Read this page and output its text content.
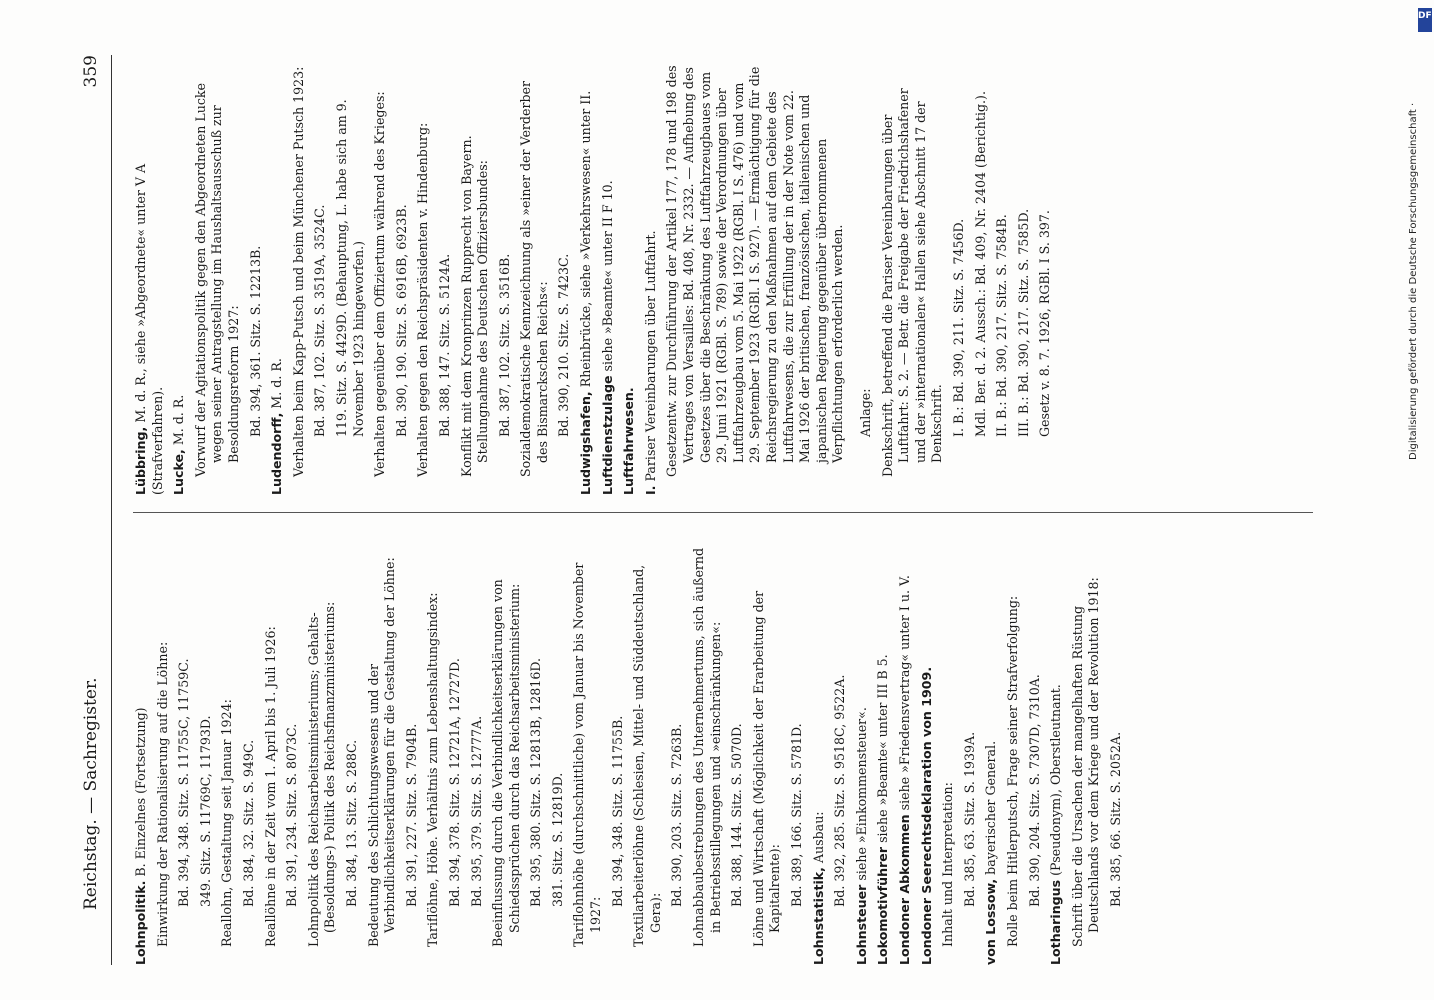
Reichstag. — Sachregister.
359
Lohnpolitik. B. Einzelnes (Fortsetzung) Einwirkung der Rationalisierung auf die Löhne: Bd. 394, 348. Sitz. S. 11755C, 11759C. 349. Sitz. S. 11769C, 11793D. Reallohn, Gestaltung seit Januar 1924: Bd. 384, 32. Sitz. S. 949C. Reallöhne in der Zeit vom 1. April bis 1. Juli 1926: Bd. 391, 234. Sitz. S. 8073C. Lohnpolitik des Reichsarbeitsministeriums; Gehalts- (Besoldungs-) Politik des Reichsfinanzministeriums: Bd. 384, 13. Sitz. S. 288C. Bedeutung des Schlichtungswesens und der Verbindlichkeitserklärungen für die Gestaltung der Löhne: Bd. 391, 227. Sitz. S. 7904B. Tariflöhne, Höhe. Verhältnis zum Lebenshaltungsindex: Bd. 394, 378. Sitz. S. 12721A, 12727D. Bd. 395, 379. Sitz. S. 12777A. Beeinflussung durch die Verbindlichkeitserklärungen von Schiedssprüchen durch das Reichsarbeitsministerium: Bd. 395, 380. Sitz. S. 12813B, 12816D. 381. Sitz. S. 12819D. Tariflohnhöhe (durchschnittliche) vom Januar bis November 1927:
Bd. 394, 348. Sitz. S. 11755B. Textilarbeiterlöhne (Schlesien, Mittel- und Süddeutschland, Gera):
Bd. 390, 203. Sitz. S. 7263B. Lohnabbaubestrebungen des Unternehmertums, sich äußernd in Betriebsstillegungen und »einschränkungen«: Bd. 388, 144. Sitz. S. 5070D. Löhne und Wirtschaft (Möglichkeit der Erarbeitung der Kapitalrente): Bd. 389, 166. Sitz. S. 5781D.
Lohnstatistik, Ausbau: Bd. 392, 285. Sitz. S. 9518C, 9522A.
Lohnsteuer siehe »Einkommensteuer«.
Lokomotivführer siehe »Beamte« unter III B 5.
Londoner Abkommen siehe »Friedensvertrag« unter I u. V. Londoner Seerechtsdeklaration von 1909. Inhalt und Interpretation: Bd. 385, 63. Sitz. S. 1939A.
von Lossow, bayerischer General. Rolle beim Hitlerputsch, Frage seiner Strafverfolgung: Bd. 390, 204. Sitz. S. 7307D, 7310A.
Lotharingus (Pseudonym), Oberstleutnant. Schrift über die Ursachen der mangelhaften Rüstung Deutschlands vor dem Kriege und der Revolution 1918: Bd. 385, 66. Sitz. S. 2052A.
Lübbring, M. d. R., siehe »Abgeordnete« unter V A (Strafverfahren). Lucke, M. d. R. Vorwurf der Agitationspolitik gegen den Abgeordneten Lucke wegen seiner Antragstellung im Haushaltsausschuß zur Besoldungsreform 1927: Bd. 394, 361. Sitz. S. 12213B.
Ludendorff, M. d. R. Verhalten beim Kapp-Putsch und beim Münchener Putsch 1923: Bd. 387, 102. Sitz. S. 3519A, 3524C. 119. Sitz. S. 4429D. (Behauptung, L. habe sich am 9. November 1923 hingeworfen.) Verhalten gegenüber dem Offiziertum während des Krieges: Bd. 390, 190. Sitz. S. 6916B, 6923B. Verhalten gegen den Reichspräsidenten v. Hindenburg: Bd. 388, 147. Sitz. S. 5124A. Konflikt mit dem Kronprinzen Rupprecht von Bayern. Stellungnahme des Deutschen Offiziersbundes: Bd. 387, 102. Sitz. S. 3516B. Sozialdemokratische Kennzeichnung als »einer der Verderber des Bismarckschen Reichs«: Bd. 390, 210. Sitz. S. 7423C.
Ludwigshafen, Rheinbrücke, siehe »Verkehrswesen« unter II.
Luftdienstzulage siehe »Beamte« unter II F 10.
Luftfahrwesen. I. Pariser Vereinbarungen über Luftfahrt. Gesetzentw. zur Durchführung der Artikel 177, 178 und 198 des Vertrages von Versailles: Bd. 408, Nr. 2332. — Aufhebung des Gesetzes über die Beschränkung des Luftfahrzeugbaues vom 29. Juni 1921 (RGBl. S. 789) sowie der Verordnungen über Luftfahrzeugbau vom 5. Mai 1922 (RGBl. I S. 476) und vom 29. September 1923 (RGBl. I S. 927). — Ermächtigung für die Reichsregierung zu den Maßnahmen auf dem Gebiete des Luftfahrwesens, die zur Erfüllung der in der Note vom 22. Mai 1926 der britischen, französischen, italienischen und japanischen Regierung gegenüber übernommenen Verpflichtungen erforderlich werden. Anlage: Denkschrift, betreffend die Pariser Vereinbarungen über Luftfahrt: S. 2. — Betr. die Freigabe der Friedrichshafener und der »internationalen« Hallen siehe Abschnitt 17 der Denkschrift. I. B.: Bd. 390, 211. Sitz. S. 7456D. Mdl. Ber. d. 2. Aussch.: Bd. 409, Nr. 2404 (Berichtig.). II. B.: Bd. 390, 217. Sitz. S. 7584B. III. B.: Bd. 390, 217. Sitz. S. 7585D. Gesetz v. 8. 7. 1926, RGBl. I S. 397.
DFG
Digitalisierung gefördert durch die Deutsche Forschungsgemeinschaft ·
